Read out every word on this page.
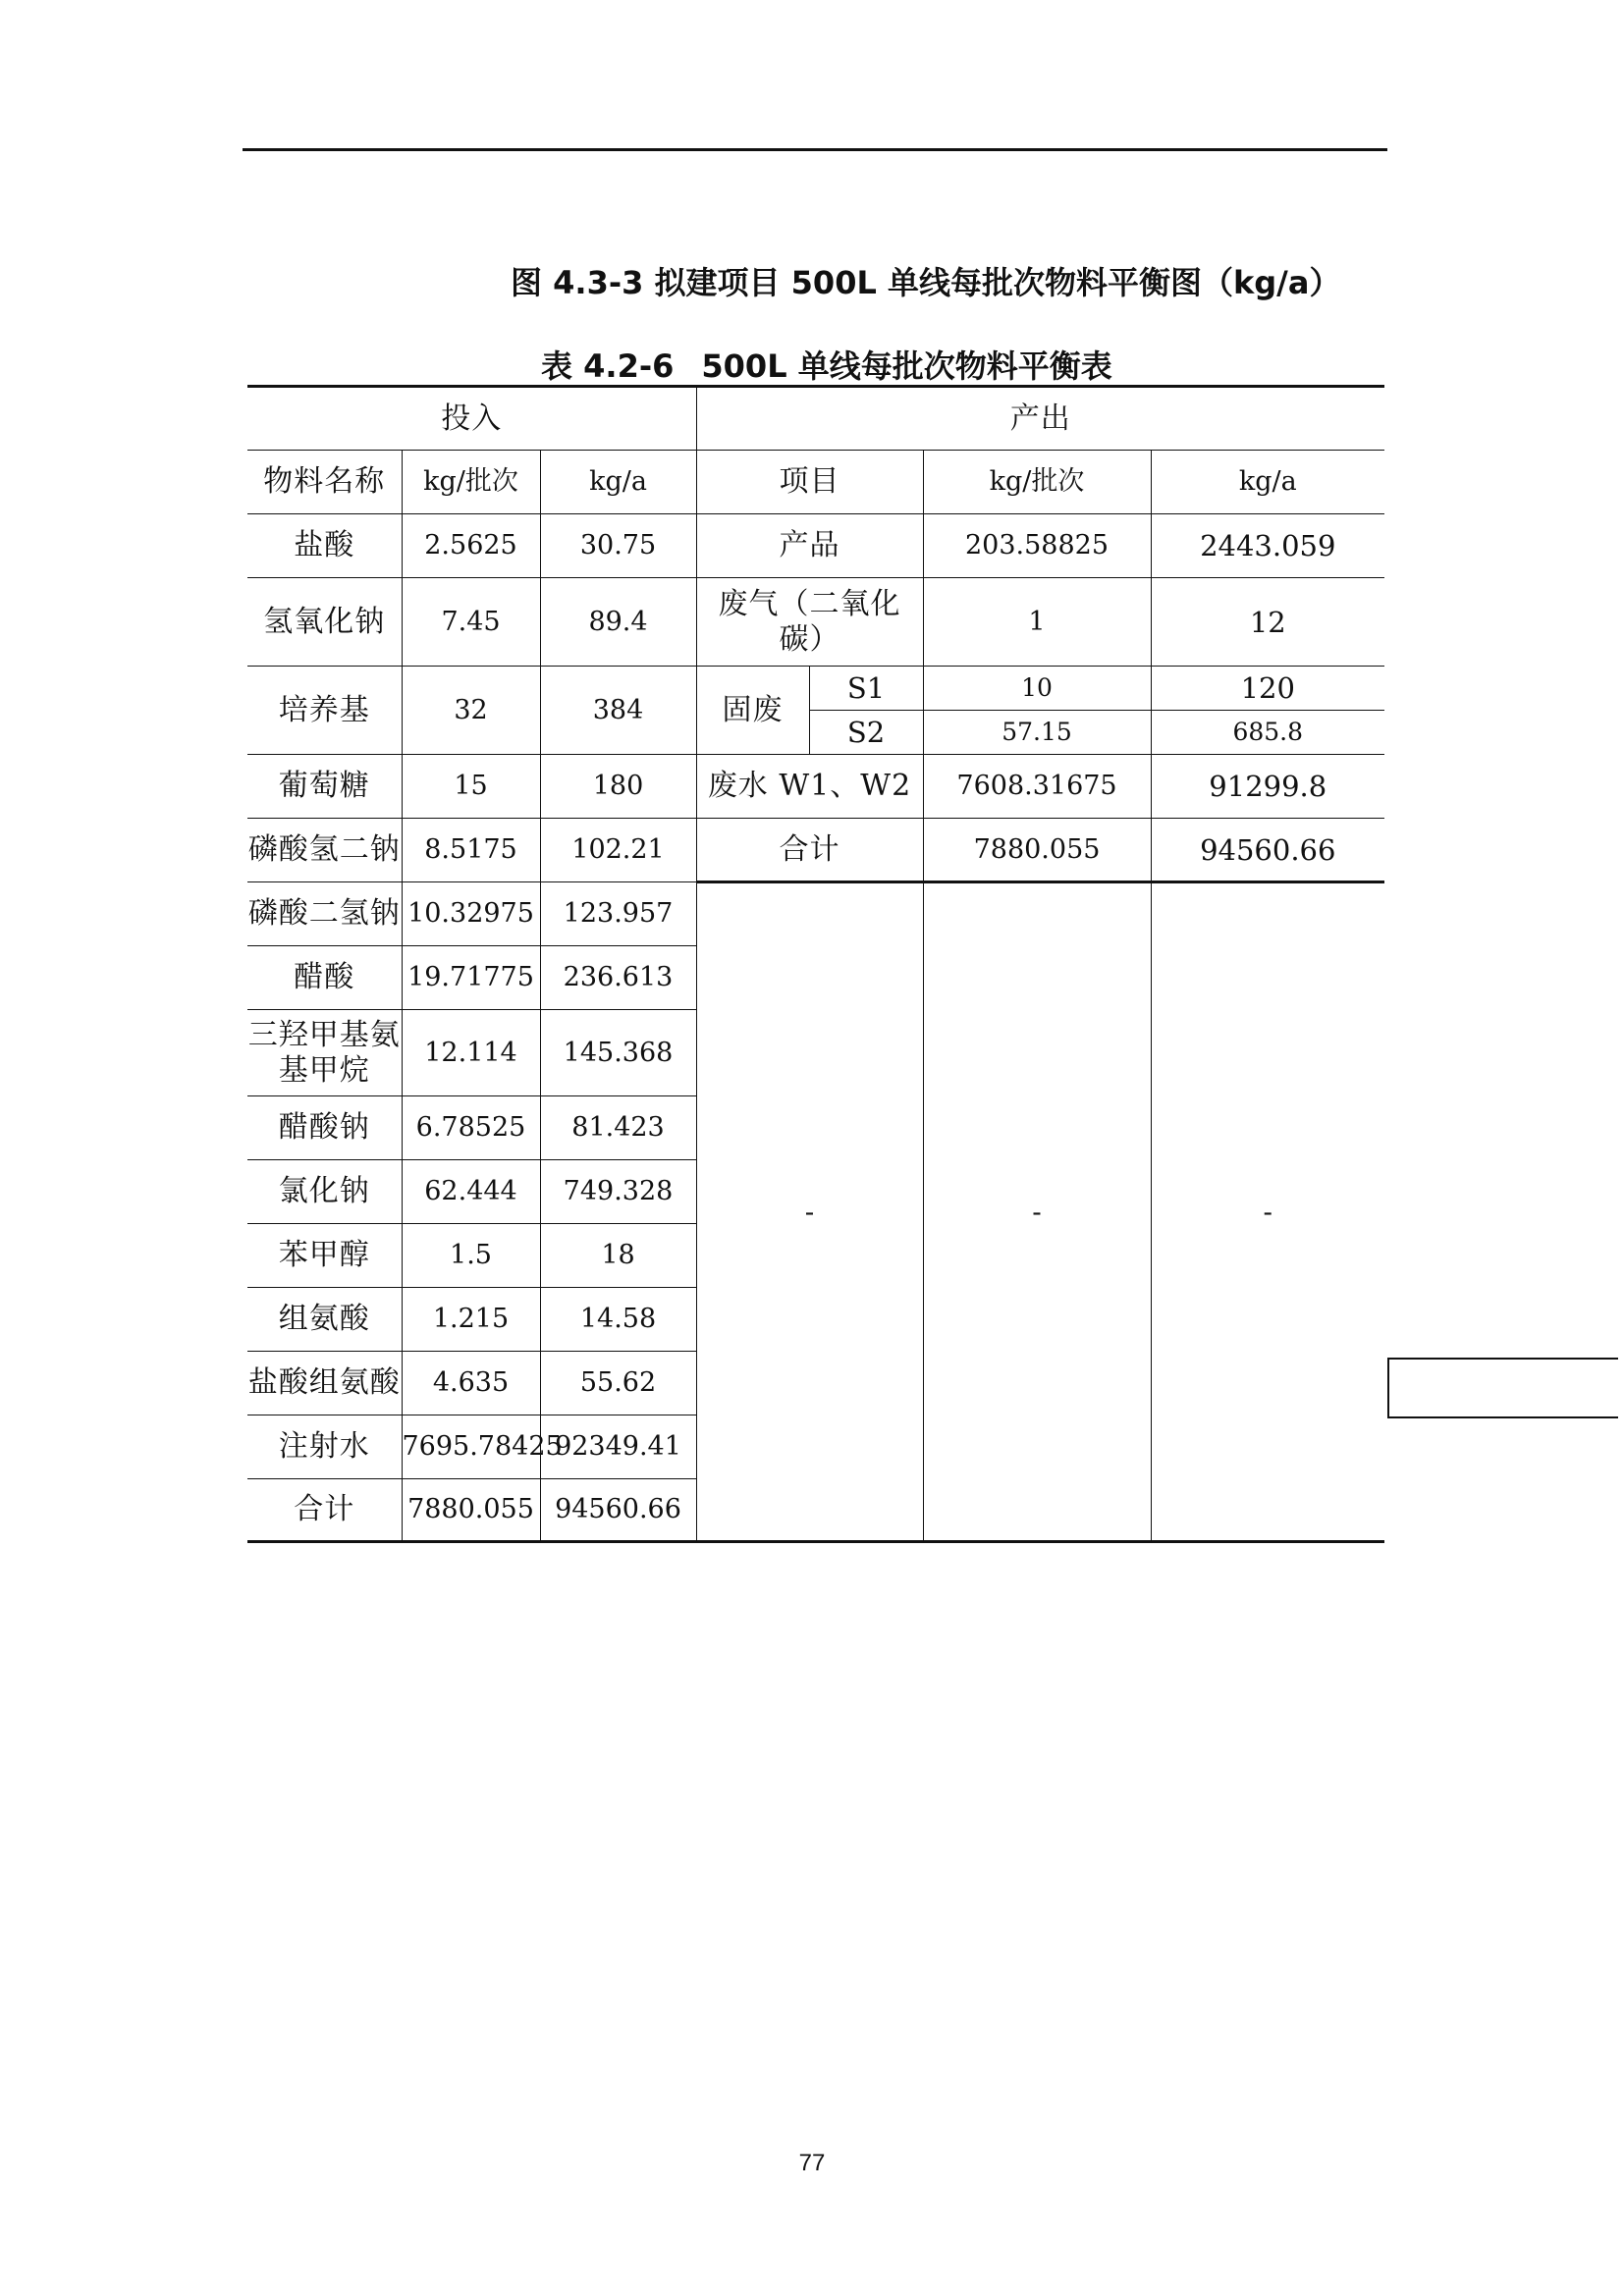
图 4.3-3 拟建项目 500L 单线每批次物料平衡图（kg/a）
表 4.2-6 500L 单线每批次物料平衡表
投入			产出			
物料名称	kg/批次	kg/a	项目		kg/批次	kg/a
盐酸	2.5625	30.75	产品		203.58825	2443.059
氢氧化钠	7.45	89.4	废气（二氧化碳）		1	12
培养基	32	384	固废	S1	10	120
				S2	57.15	685.8
葡萄糖	15	180	废水 W1、W2		7608.31675	91299.8
磷酸氢二钠	8.5175	102.21	合计		7880.055	94560.66
磷酸二氢钠	10.32975	123.957	-		-	-
醋酸	19.71775	236.613				
三羟甲基氨基甲烷	12.114	145.368				
醋酸钠	6.78525	81.423				
氯化钠	62.444	749.328				
苯甲醇	1.5	18				
组氨酸	1.215	14.58				
盐酸组氨酸	4.635	55.62				
注射水	7695.78425	92349.41				
合计	7880.055	94560.66				
77
